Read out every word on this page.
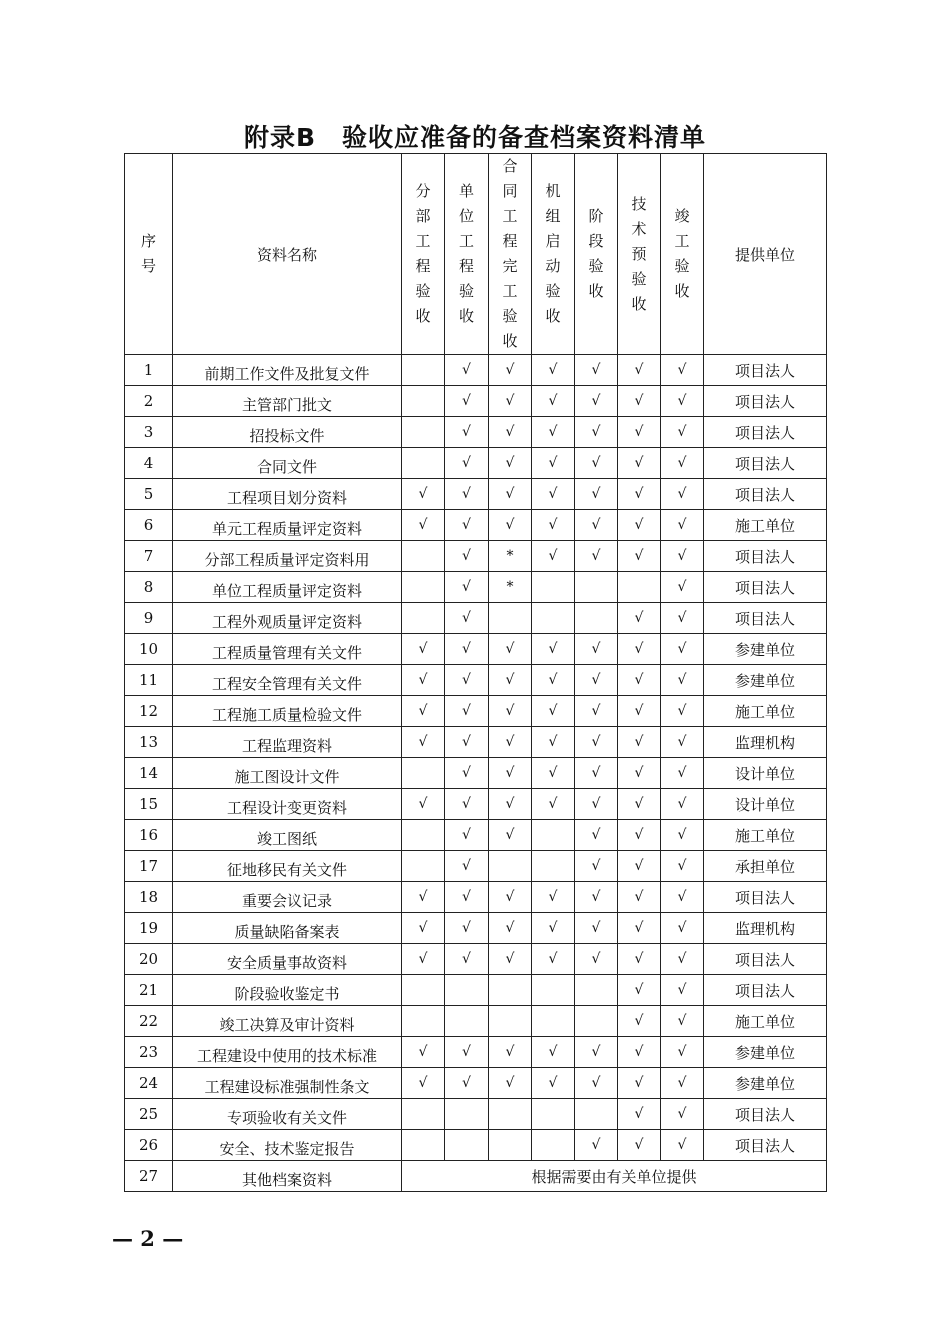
附录B　验收应准备的备查档案资料清单
序号	资料名称	分部工程验收	单位工程验收	合同工程完工验收	机组启动验收	阶段验收	技术预验收	竣工验收	提供单位
1	前期工作文件及批复文件		√	√	√	√	√	√	项目法人
2	主管部门批文		√	√	√	√	√	√	项目法人
3	招投标文件		√	√	√	√	√	√	项目法人
4	合同文件		√	√	√	√	√	√	项目法人
5	工程项目划分资料	√	√	√	√	√	√	√	项目法人
6	单元工程质量评定资料	√	√	√	√	√	√	√	施工单位
7	分部工程质量评定资料用		√	*	√	√	√	√	项目法人
8	单位工程质量评定资料		√	*				√	项目法人
9	工程外观质量评定资料		√				√	√	项目法人
10	工程质量管理有关文件	√	√	√	√	√	√	√	参建单位
11	工程安全管理有关文件	√	√	√	√	√	√	√	参建单位
12	工程施工质量检验文件	√	√	√	√	√	√	√	施工单位
13	工程监理资料	√	√	√	√	√	√	√	监理机构
14	施工图设计文件		√	√	√	√	√	√	设计单位
15	工程设计变更资料	√	√	√	√	√	√	√	设计单位
16	竣工图纸		√	√		√	√	√	施工单位
17	征地移民有关文件		√			√	√	√	承担单位
18	重要会议记录	√	√	√	√	√	√	√	项目法人
19	质量缺陷备案表	√	√	√	√	√	√	√	监理机构
20	安全质量事故资料	√	√	√	√	√	√	√	项目法人
21	阶段验收鉴定书						√	√	项目法人
22	竣工决算及审计资料						√	√	施工单位
23	工程建设中使用的技术标准	√	√	√	√	√	√	√	参建单位
24	工程建设标准强制性条文	√	√	√	√	√	√	√	参建单位
25	专项验收有关文件						√	√	项目法人
26	安全、技术鉴定报告					√	√	√	项目法人
27	其他档案资料	根据需要由有关单位提供							
— 2 —
